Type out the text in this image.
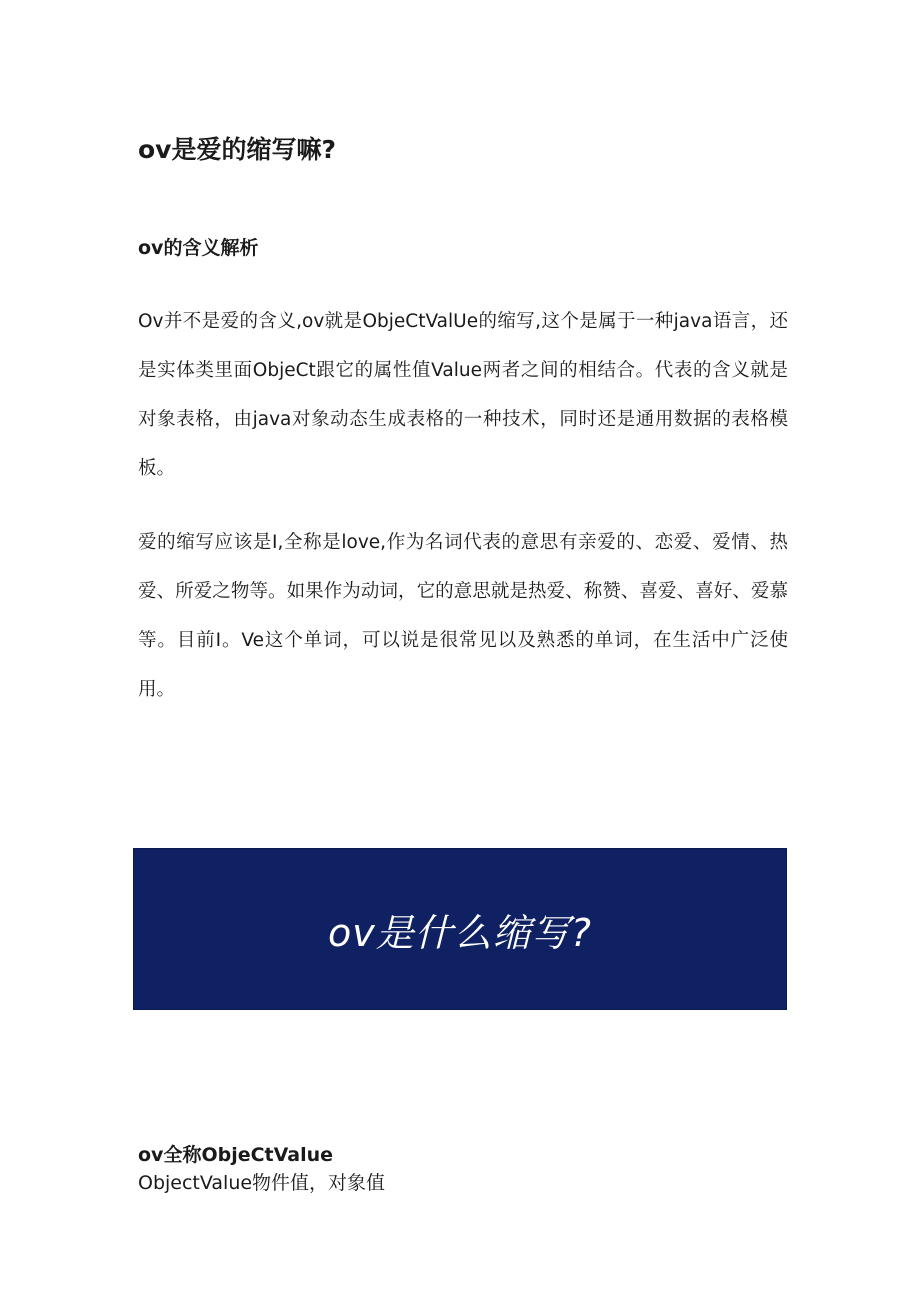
ov是爱的缩写嘛?
ov的含义解析

Ov并不是爱的含义,ov就是ObjeCtValUe的缩写,这个是属于一种java语言，还是实体类里面ObjeCt跟它的属性值Value两者之间的相结合。代表的含义就是对象表格，由java对象动态生成表格的一种技术，同时还是通用数据的表格模板。

爱的缩写应该是I,全称是love,作为名词代表的意思有亲爱的、恋爱、爱情、热爱、所爱之物等。如果作为动词，它的意思就是热爱、称赞、喜爱、喜好、爱慕等。目前I。Ve这个单词，可以说是很常见以及熟悉的单词，在生活中广泛使用。

ov是什么缩写?
ov全称ObjeCtValue

ObjectValue物件值，对象值
